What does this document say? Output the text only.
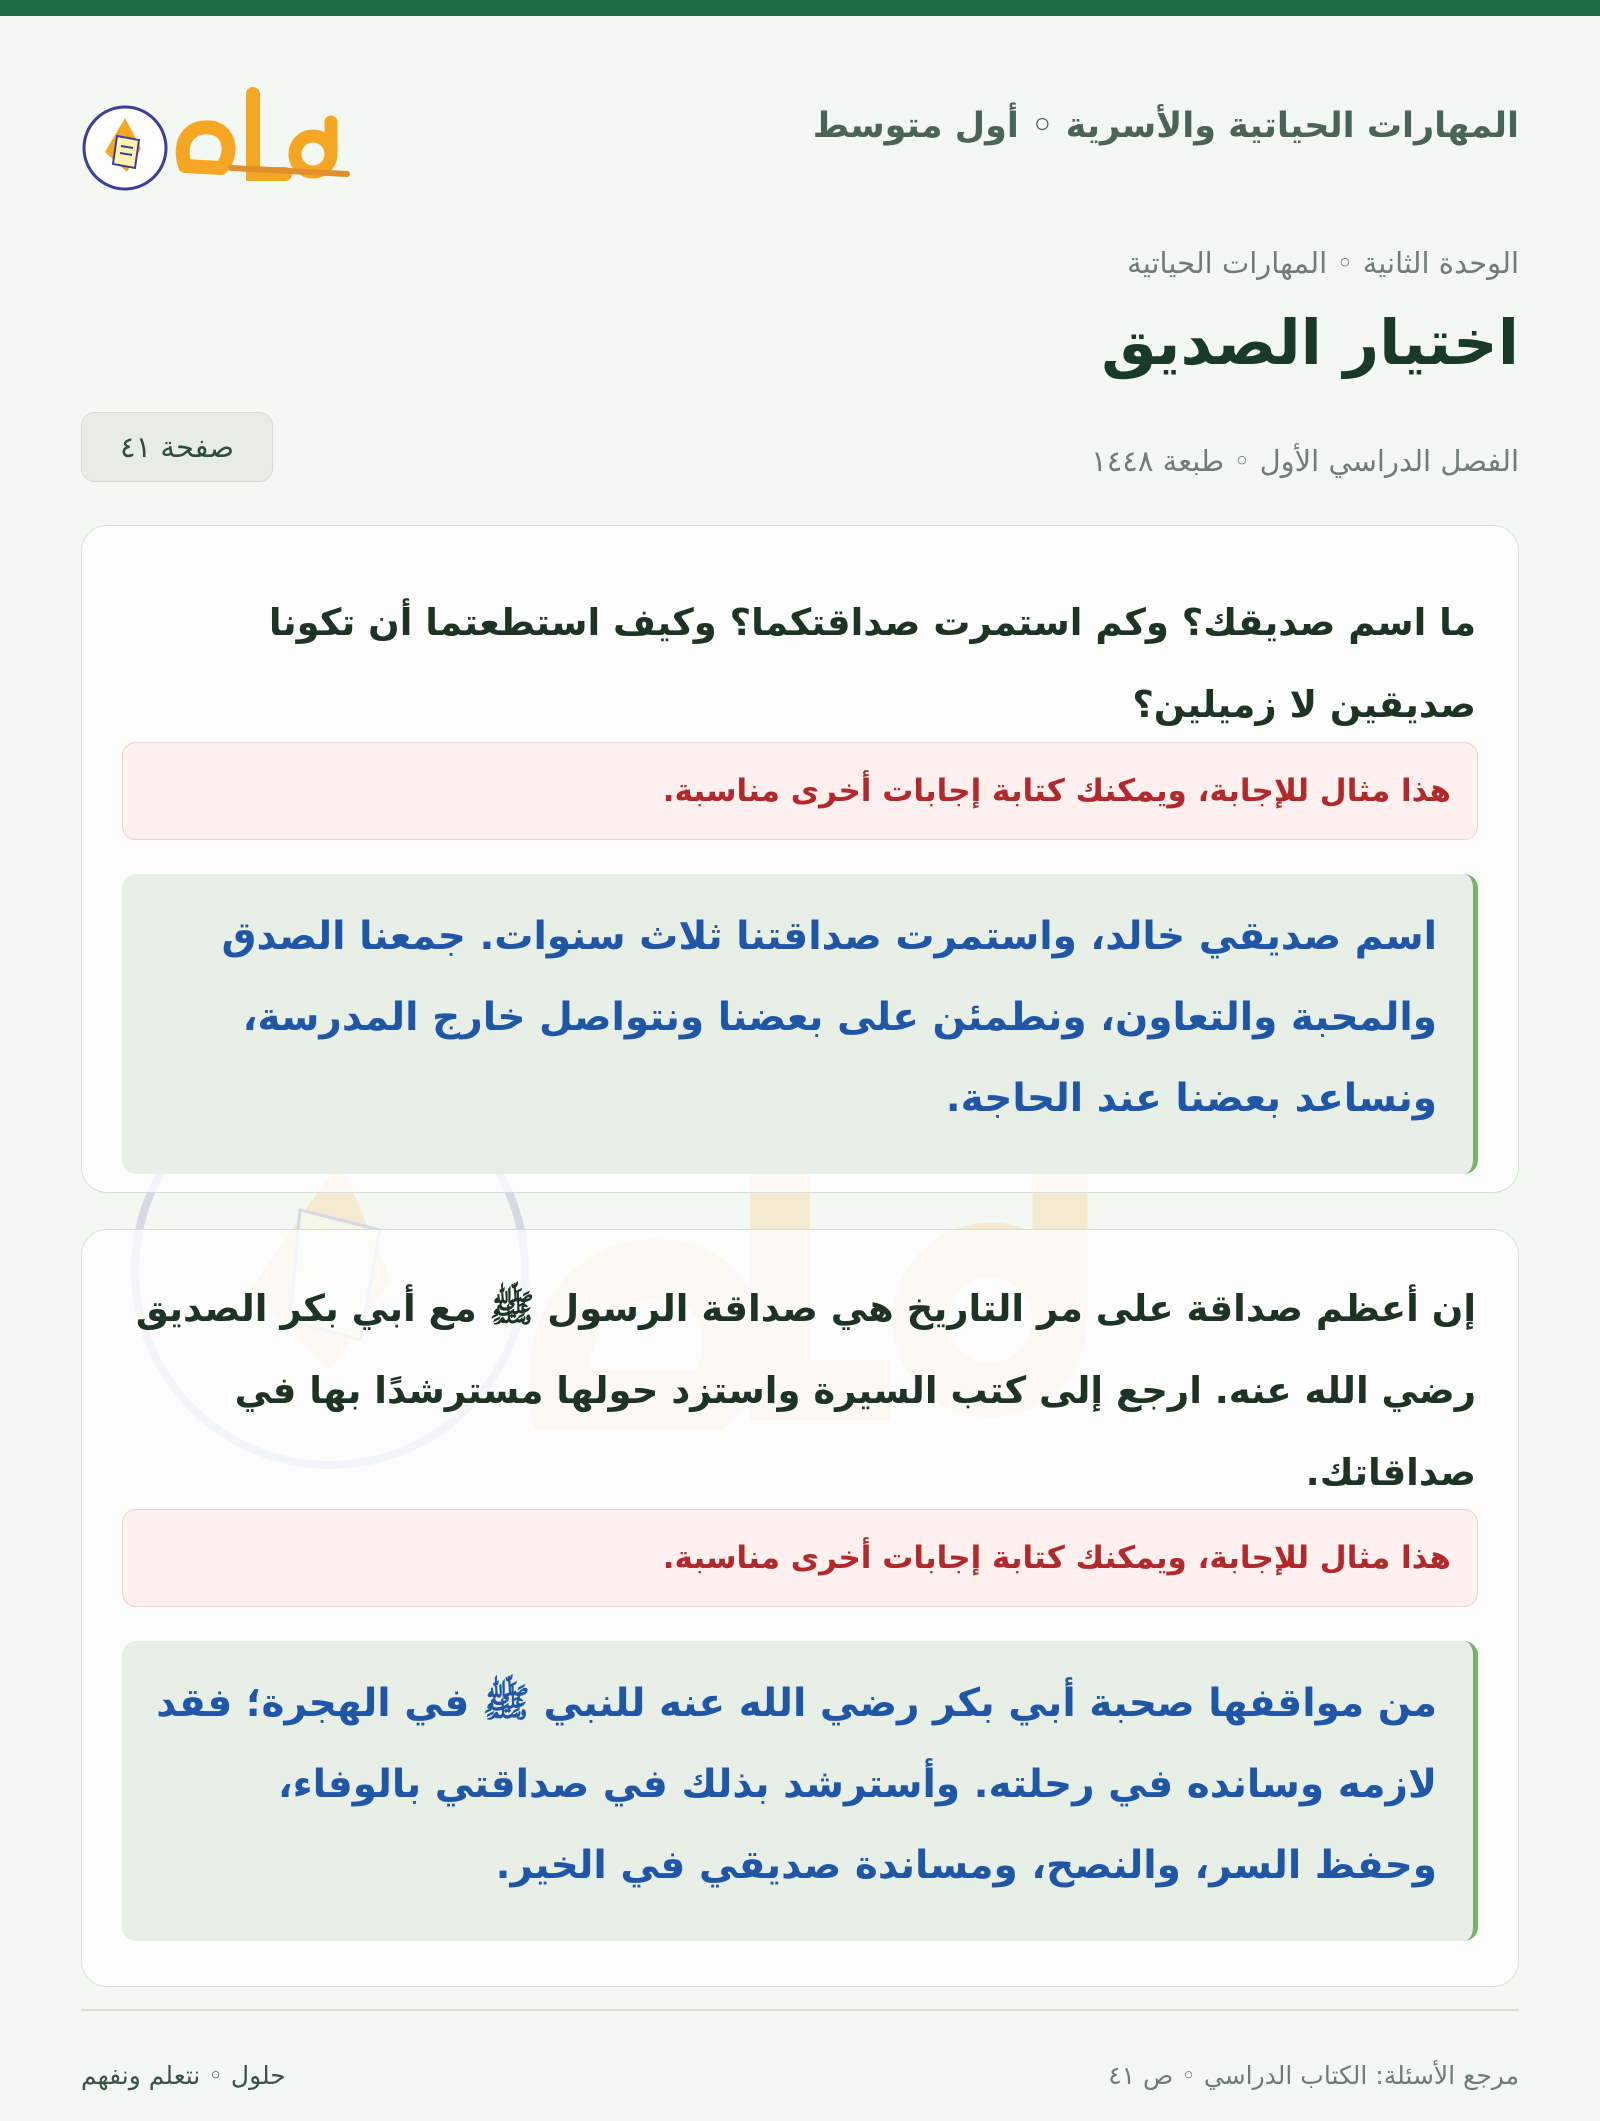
المهارات الحياتية والأسرية ◦ أول متوسط
الوحدة الثانية ◦ المهارات الحياتية
اختيار الصديق
الفصل الدراسي الأول ◦ طبعة ١٤٤٨
صفحة ٤١
ما اسم صديقك؟ وكم استمرت صداقتكما؟ وكيف استطعتما أن تكونا صديقين لا زميلين؟
هذا مثال للإجابة، ويمكنك كتابة إجابات أخرى مناسبة.
اسم صديقي خالد، واستمرت صداقتنا ثلاث سنوات. جمعنا الصدق والمحبة والتعاون، ونطمئن على بعضنا ونتواصل خارج المدرسة، ونساعد بعضنا عند الحاجة.
إن أعظم صداقة على مر التاريخ هي صداقة الرسول ﷺ مع أبي بكر الصديق رضي الله عنه. ارجع إلى كتب السيرة واستزد حولها مسترشدًا بها في صداقاتك.
هذا مثال للإجابة، ويمكنك كتابة إجابات أخرى مناسبة.
من مواقفها صحبة أبي بكر رضي الله عنه للنبي ﷺ في الهجرة؛ فقد لازمه وسانده في رحلته. وأسترشد بذلك في صداقتي بالوفاء، وحفظ السر، والنصح، ومساندة صديقي في الخير.
مرجع الأسئلة: الكتاب الدراسي ◦ ص ٤١
حلول ◦ نتعلم ونفهم
